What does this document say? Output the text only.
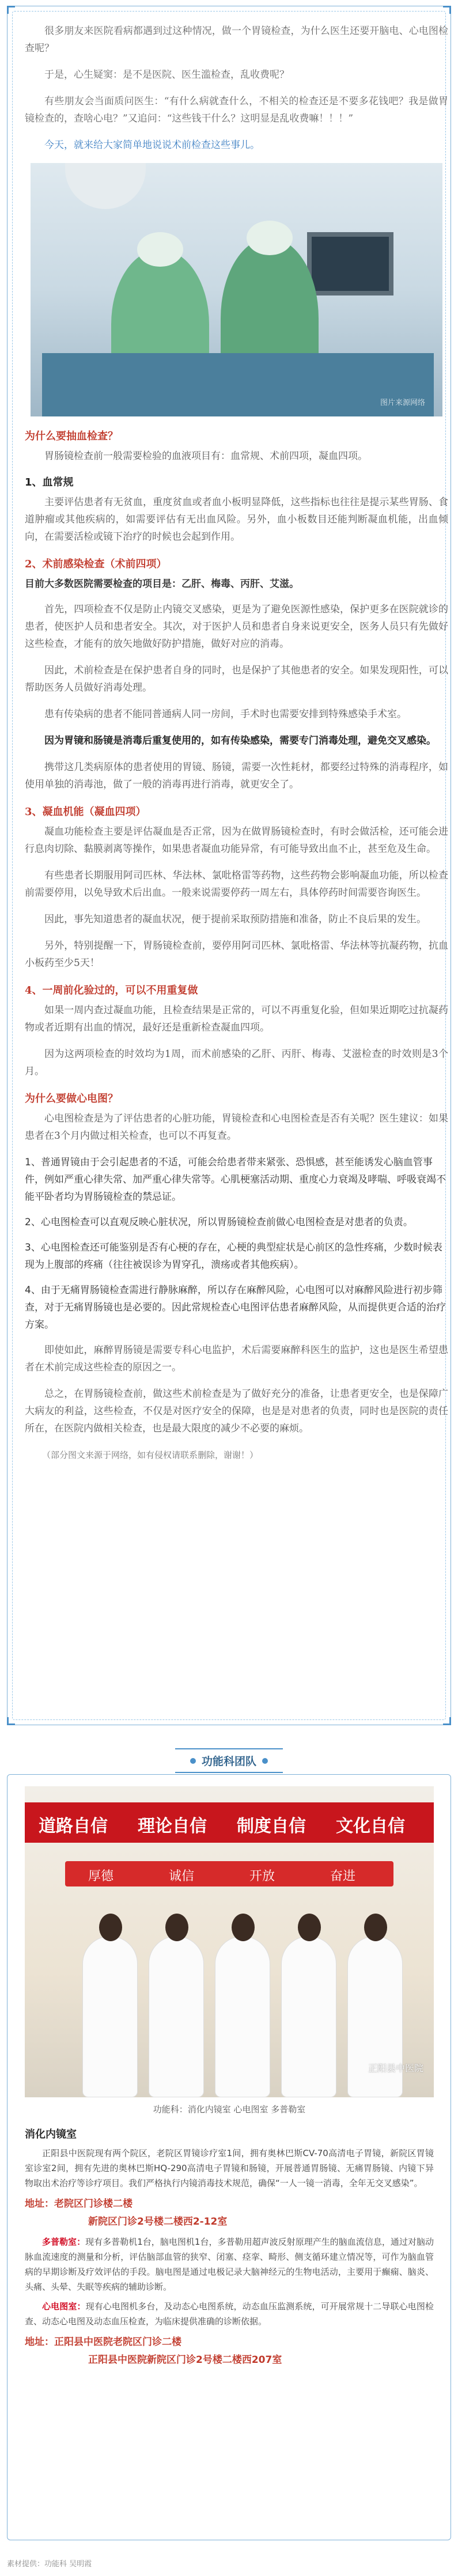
很多朋友来医院看病都遇到过这种情况，做一个胃镜检查，为什么医生还要开脑电、心电图检查呢？

于是，心生疑窦：是不是医院、医生滥检查，乱收费呢？

有些朋友会当面质问医生：“有什么病就查什么，不相关的检查还是不要多花钱吧？我是做胃镜检查的，查啥心电？”又追问：“这些钱干什么？这明显是乱收费嘛！！！”

今天，就来给大家简单地说说术前检查这些事儿。

图片来源网络
为什么要抽血检查？

胃肠镜检查前一般需要检验的血液项目有：血常规、术前四项，凝血四项。

1、血常规

主要评估患者有无贫血，重度贫血或者血小板明显降低，这些指标也往往是提示某些胃肠、食道肿瘤或其他疾病的，如需要评估有无出血风险。另外，血小板数目还能判断凝血机能，出血倾向，在需要活检或镜下治疗的时候也会起到作用。

2、术前感染检查（术前四项）
目前大多数医院需要检查的项目是：乙肝、梅毒、丙肝、艾滋。

首先，四项检查不仅是防止内镜交叉感染，更是为了避免医源性感染，保护更多在医院就诊的患者，使医护人员和患者安全。其次，对于医护人员和患者自身来说更安全，医务人员只有先做好这些检查，才能有的放矢地做好防护措施，做好对应的消毒。

因此，术前检查是在保护患者自身的同时，也是保护了其他患者的安全。如果发现阳性，可以帮助医务人员做好消毒处理。

患有传染病的患者不能同普通病人同一房间，手术时也需要安排到特殊感染手术室。

因为胃镜和肠镜是消毒后重复使用的，如有传染感染，需要专门消毒处理，避免交叉感染。

携带这几类病原体的患者使用的胃镜、肠镜，需要一次性耗材，都要经过特殊的消毒程序，如使用单独的消毒池，做了一般的消毒再进行消毒，就更安全了。

3、凝血机能（凝血四项）

凝血功能检查主要是评估凝血是否正常，因为在做胃肠镜检查时，有时会做活检，还可能会进行息肉切除、黏膜剥离等操作，如果患者凝血功能异常，有可能导致出血不止，甚至危及生命。

有些患者长期服用阿司匹林、华法林、氯吡格雷等药物，这些药物会影响凝血功能，所以检查前需要停用，以免导致术后出血。一般来说需要停药一周左右，具体停药时间需要咨询医生。

因此，事先知道患者的凝血状况，便于提前采取预防措施和准备，防止不良后果的发生。

另外，特别提醒一下，胃肠镜检查前，要停用阿司匹林、氯吡格雷、华法林等抗凝药物，抗血小板药至少5天！

4、一周前化验过的，可以不用重复做

如果一周内查过凝血功能，且检查结果是正常的，可以不再重复化验，但如果近期吃过抗凝药物或者近期有出血的情况，最好还是重新检查凝血四项。

因为这两项检查的时效均为1周，而术前感染的乙肝、丙肝、梅毒、艾滋检查的时效则是3个月。

为什么要做心电图？

心电图检查是为了评估患者的心脏功能，胃镜检查和心电图检查是否有关呢？医生建议：如果患者在3个月内做过相关检查，也可以不再复查。

1、普通胃镜由于会引起患者的不适，可能会给患者带来紧张、恐惧感，甚至能诱发心脑血管事件，例如严重心律失常、加严重心律失常等。心肌梗塞活动期、重度心力衰竭及哮喘、呼吸衰竭不能平卧者均为胃肠镜检查的禁忌证。

2、心电图检查可以直观反映心脏状况，所以胃肠镜检查前做心电图检查是对患者的负责。

3、心电图检查还可能鉴别是否有心梗的存在，心梗的典型症状是心前区的急性疼痛，少数时候表现为上腹部的疼痛（往往被误诊为胃穿孔，溃疡或者其他疾病）。

4、由于无痛胃肠镜检查需进行静脉麻醉，所以存在麻醉风险，心电图可以对麻醉风险进行初步筛查，对于无痛胃肠镜也是必要的。因此常规检查心电图评估患者麻醉风险，从而提供更合适的治疗方案。

即使如此，麻醉胃肠镜是需要专科心电监护，术后需要麻醉科医生的监护，这也是医生希望患者在术前完成这些检查的原因之一。

总之，在胃肠镜检查前，做这些术前检查是为了做好充分的准备，让患者更安全，也是保障广大病友的利益，这些检查，不仅是对医疗安全的保障，也是是对患者的负责，同时也是医院的责任所在，在医院内做相关检查，也是最大限度的减少不必要的麻烦。

（部分图文来源于网络，如有侵权请联系删除，谢谢！）

功能科团队
道路自信 理论自信 制度自信 文化自信
厚德	诚信	开放	奋进
正阳县中医院
功能科：消化内镜室 心电图室 多普勒室
消化内镜室

正阳县中医院现有两个院区，老院区胃镜诊疗室1间，拥有奥林巴斯CV-70高清电子胃镜，新院区胃镜室诊室2间，拥有先进的奥林巴斯HQ-290高清电子胃镜和肠镜，开展普通胃肠镜、无痛胃肠镜、内镜下异物取出术治疗等诊疗项目。我们严格执行内镜消毒技术规范，确保“一人一镜一消毒，全年无交叉感染”。

地址：老院区门诊楼二楼
新院区门诊2号楼二楼西2-12室

多普勒室：现有多普勒机1台，脑电图机1台，多普勒用超声波反射原理产生的脑血流信息，通过对脑动脉血流速度的测量和分析，评估脑部血管的狭窄、闭塞、痉挛、畸形、侧支循环建立情况等，可作为脑血管病的早期诊断及疗效评估的手段。脑电图是通过电极记录大脑神经元的生物电活动，主要用于癫痫、脑炎、头痛、头晕、失眠等疾病的辅助诊断。

心电图室：现有心电图机多台，及动态心电图系统，动态血压监测系统，可开展常规十二导联心电图检查、动态心电图及动态血压检查，为临床提供准确的诊断依据。

地址：正阳县中医院老院区门诊二楼
正阳县中医院新院区门诊2号楼二楼西207室
素材提供：功能科 吴明霞
